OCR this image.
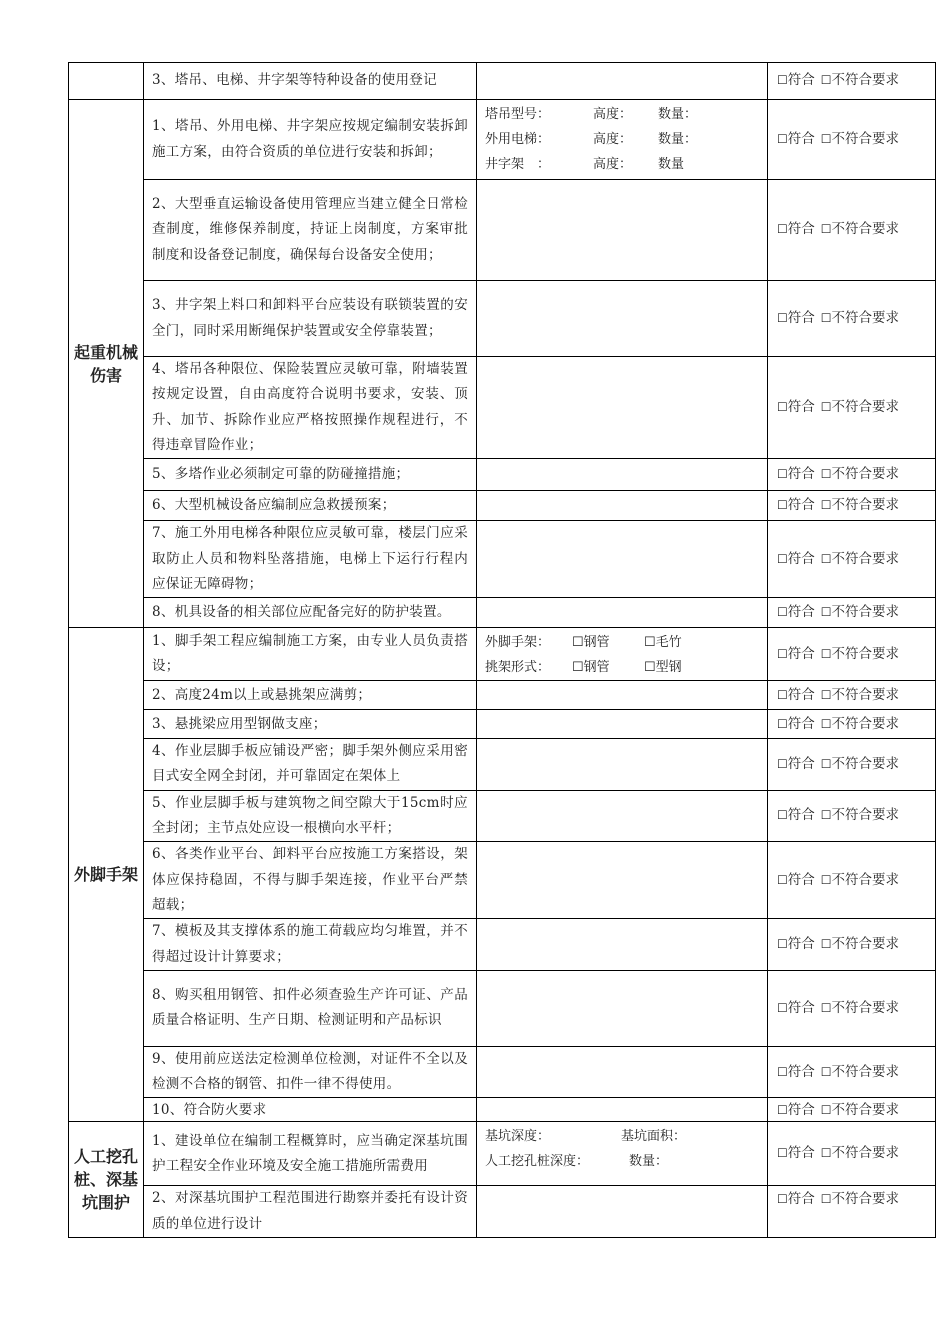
	3、塔吊、电梯、井字架等特种设备的使用登记		☐符合 ☐不符合要求
起重机械伤害	1、塔吊、外用电梯、井字架应按规定编制安装拆卸施工方案，由符合资质的单位进行安装和拆卸；	塔吊型号： 高度： 数量：
外用电梯： 高度： 数量：
井字架　： 高度： 数量	☐符合 ☐不符合要求
	2、大型垂直运输设备使用管理应当建立健全日常检查制度，维修保养制度，持证上岗制度，方案审批制度和设备登记制度，确保每台设备安全使用；		☐符合 ☐不符合要求
	3、井字架上料口和卸料平台应装设有联锁装置的安全门，同时采用断绳保护装置或安全停靠装置；		☐符合 ☐不符合要求
	4、塔吊各种限位、保险装置应灵敏可靠，附墙装置按规定设置，自由高度符合说明书要求，安装、顶升、加节、拆除作业应严格按照操作规程进行，不得违章冒险作业；		☐符合 ☐不符合要求
	5、多塔作业必须制定可靠的防碰撞措施；		☐符合 ☐不符合要求
	6、大型机械设备应编制应急救援预案；		☐符合 ☐不符合要求
	7、施工外用电梯各种限位应灵敏可靠，楼层门应采取防止人员和物料坠落措施，电梯上下运行行程内应保证无障碍物；		☐符合 ☐不符合要求
	8、机具设备的相关部位应配备完好的防护装置。		☐符合 ☐不符合要求
外脚手架	1、脚手架工程应编制施工方案，由专业人员负责搭设；	外脚手架： ☐钢管 ☐毛竹
挑架形式： ☐钢管 ☐型钢	☐符合 ☐不符合要求
	2、高度24m以上或悬挑架应满剪；		☐符合 ☐不符合要求
	3、悬挑梁应用型钢做支座；		☐符合 ☐不符合要求
	4、作业层脚手板应铺设严密；脚手架外侧应采用密目式安全网全封闭，并可靠固定在架体上		☐符合 ☐不符合要求
	5、作业层脚手板与建筑物之间空隙大于15cm时应全封闭；主节点处应设一根横向水平杆；		☐符合 ☐不符合要求
	6、各类作业平台、卸料平台应按施工方案搭设，架体应保持稳固，不得与脚手架连接，作业平台严禁超载；		☐符合 ☐不符合要求
	7、模板及其支撑体系的施工荷载应均匀堆置，并不得超过设计计算要求；		☐符合 ☐不符合要求
	8、购买租用钢管、扣件必须查验生产许可证、产品质量合格证明、生产日期、检测证明和产品标识		☐符合 ☐不符合要求
	9、使用前应送法定检测单位检测，对证件不全以及检测不合格的钢管、扣件一律不得使用。		☐符合 ☐不符合要求
	10、符合防火要求		☐符合 ☐不符合要求
人工挖孔桩、深基坑围护	1、建设单位在编制工程概算时，应当确定深基坑围护工程安全作业环境及安全施工措施所需费用	基坑深度： 基坑面积：
人工挖孔桩深度： 数量：	☐符合 ☐不符合要求
	2、对深基坑围护工程范围进行勘察并委托有设计资质的单位进行设计		☐符合 ☐不符合要求
